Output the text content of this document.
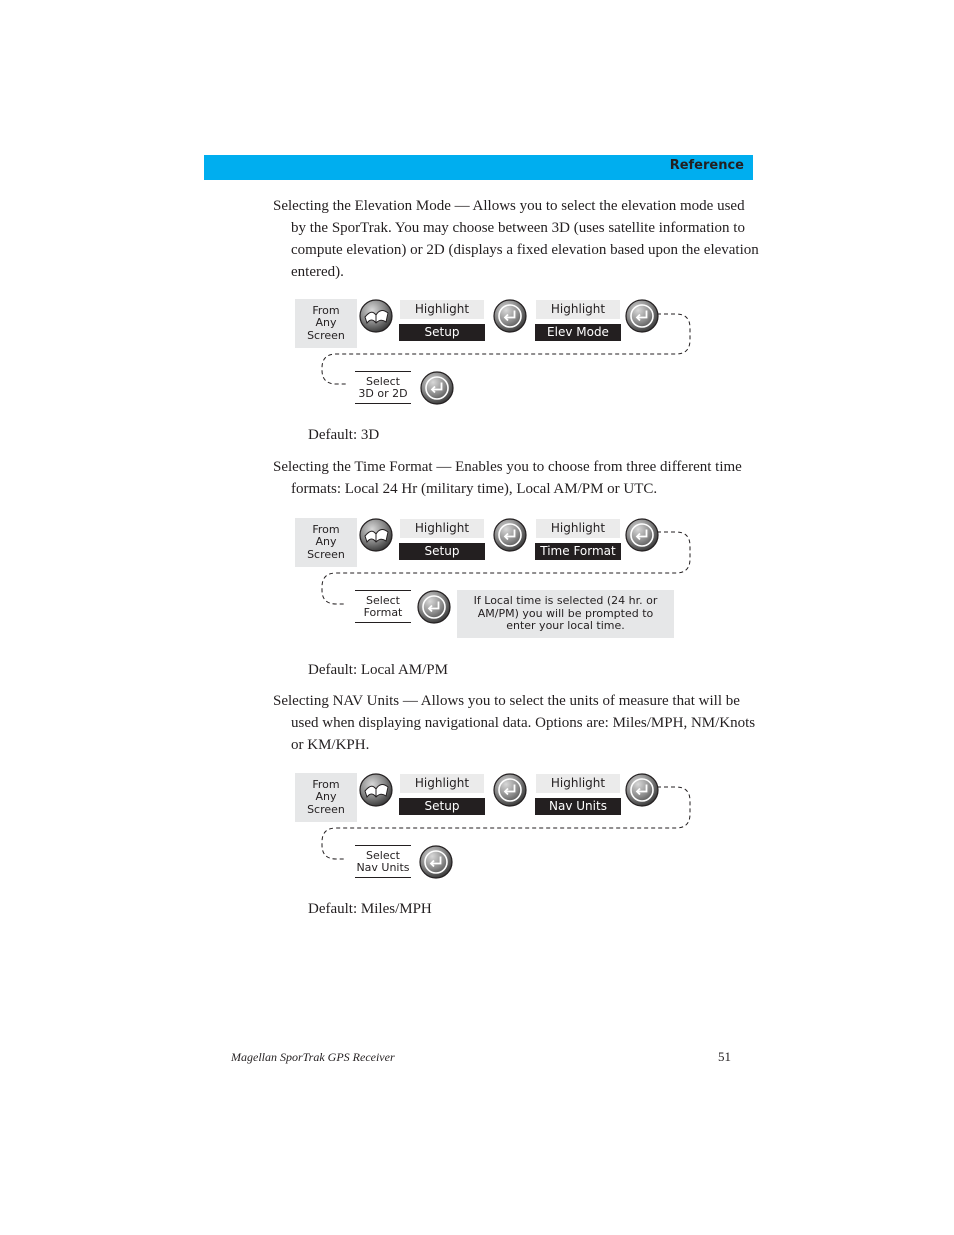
Reference

Selecting the Elevation Mode — Allows you to select the elevation mode used by the SporTrak. You may choose between 3D (uses satellite information to compute elevation) or 2D (displays a fixed elevation based upon the elevation entered).

From
Any
Screen
Highlight
Setup
Highlight
Elev Mode
Select
3D or 2D
Default: 3D

Selecting the Time Format — Enables you to choose from three different time formats: Local 24 Hr (military time), Local AM/PM or UTC.

From
Any
Screen
Highlight
Setup
Highlight
Time Format
Select
Format
If Local time is selected (24 hr. or AM/PM) you will be prompted to enter your local time.
Default: Local AM/PM

Selecting NAV Units — Allows you to select the units of measure that will be used when displaying navigational data. Options are: Miles/MPH, NM/Knots or KM/KPH.

From
Any
Screen
Highlight
Setup
Highlight
Nav Units
Select
Nav Units
Default: Miles/MPH
Magellan SporTrak GPS Receiver	51
